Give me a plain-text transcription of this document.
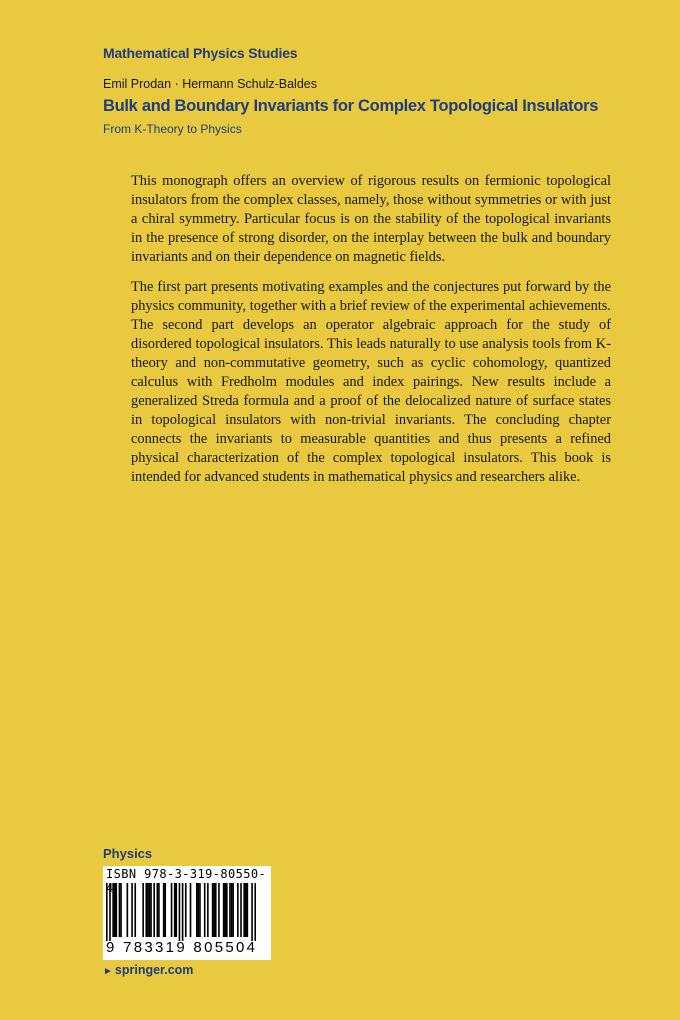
Mathematical Physics Studies
Emil Prodan · Hermann Schulz-Baldes
Bulk and Boundary Invariants for Complex Topological Insulators
From K-Theory to Physics

This monograph offers an overview of rigorous results on fermionic topological insulators from the complex classes, namely, those without symmetries or with just a chiral symmetry. Particular focus is on the stability of the topological invariants in the presence of strong disorder, on the interplay between the bulk and boundary invariants and on their dependence on magnetic fields.

The first part presents motivating examples and the conjectures put forward by the physics community, together with a brief review of the experimental achievements. The second part develops an operator algebraic approach for the study of disordered topological insulators. This leads naturally to use analysis tools from K-theory and non-commutative geometry, such as cyclic cohomology, quantized calculus with Fredholm modules and index pairings. New results include a generalized Streda formula and a proof of the delocalized nature of surface states in topological insulators with non-trivial invariants. The concluding chapter connects the invariants to measurable quantities and thus presents a refined physical characterization of the complex topological insulators. This book is intended for advanced students in mathematical physics and researchers alike.

Physics
ISBN 978-3-319-80550-
9 783319 805504
► springer.com
